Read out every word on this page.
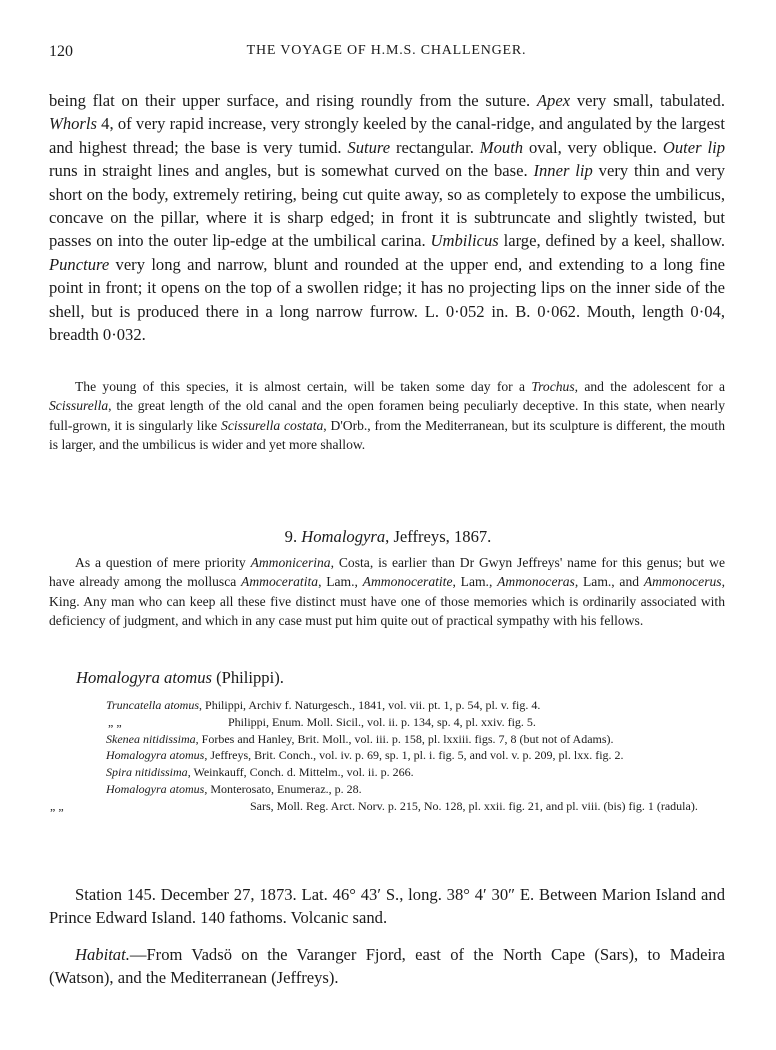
120	THE VOYAGE OF H.M.S. CHALLENGER.

being flat on their upper surface, and rising roundly from the suture. Apex very small, tabulated. Whorls 4, of very rapid increase, very strongly keeled by the canal-ridge, and angulated by the largest and highest thread; the base is very tumid. Suture rectangular. Mouth oval, very oblique. Outer lip runs in straight lines and angles, but is somewhat curved on the base. Inner lip very thin and very short on the body, extremely retiring, being cut quite away, so as completely to expose the umbilicus, concave on the pillar, where it is sharp edged; in front it is subtruncate and slightly twisted, but passes on into the outer lip-edge at the umbilical carina. Umbilicus large, defined by a keel, shallow. Puncture very long and narrow, blunt and rounded at the upper end, and extending to a long fine point in front; it opens on the top of a swollen ridge; it has no projecting lips on the inner side of the shell, but is produced there in a long narrow furrow. L. 0·052 in. B. 0·062. Mouth, length 0·04, breadth 0·032.

The young of this species, it is almost certain, will be taken some day for a Trochus, and the adolescent for a Scissurella, the great length of the old canal and the open foramen being peculiarly deceptive. In this state, when nearly full-grown, it is singularly like Scissurella costata, D'Orb., from the Mediterranean, but its sculpture is different, the mouth is larger, and the umbilicus is wider and yet more shallow.

9. Homalogyra, Jeffreys, 1867.

As a question of mere priority Ammonicerina, Costa, is earlier than Dr Gwyn Jeffreys' name for this genus; but we have already among the mollusca Ammoceratita, Lam., Ammonoceratite, Lam., Ammonoceras, Lam., and Ammonocerus, King. Any man who can keep all these five distinct must have one of those memories which is ordinarily associated with deficiency of judgment, and which in any case must put him quite out of practical sympathy with his fellows.

Homalogyra atomus (Philippi).

Truncatella atomus, Philippi, Archiv f. Naturgesch., 1841, vol. vii. pt. 1, p. 54, pl. v. fig. 4.

„ „	Philippi, Enum. Moll. Sicil., vol. ii. p. 134, sp. 4, pl. xxiv. fig. 5.

Skenea nitidissima, Forbes and Hanley, Brit. Moll., vol. iii. p. 158, pl. lxxiii. figs. 7, 8 (but not of Adams).

Homalogyra atomus, Jeffreys, Brit. Conch., vol. iv. p. 69, sp. 1, pl. i. fig. 5, and vol. v. p. 209, pl. lxx. fig. 2.

Spira nitidissima, Weinkauff, Conch. d. Mittelm., vol. ii. p. 266.

Homalogyra atomus, Monterosato, Enumeraz., p. 28.

„ „	Sars, Moll. Reg. Arct. Norv. p. 215, No. 128, pl. xxii. fig. 21, and pl. viii. (bis) fig. 1 (radula).

Station 145. December 27, 1873. Lat. 46° 43′ S., long. 38° 4′ 30″ E. Between Marion Island and Prince Edward Island. 140 fathoms. Volcanic sand.

Habitat.—From Vadsö on the Varanger Fjord, east of the North Cape (Sars), to Madeira (Watson), and the Mediterranean (Jeffreys).
